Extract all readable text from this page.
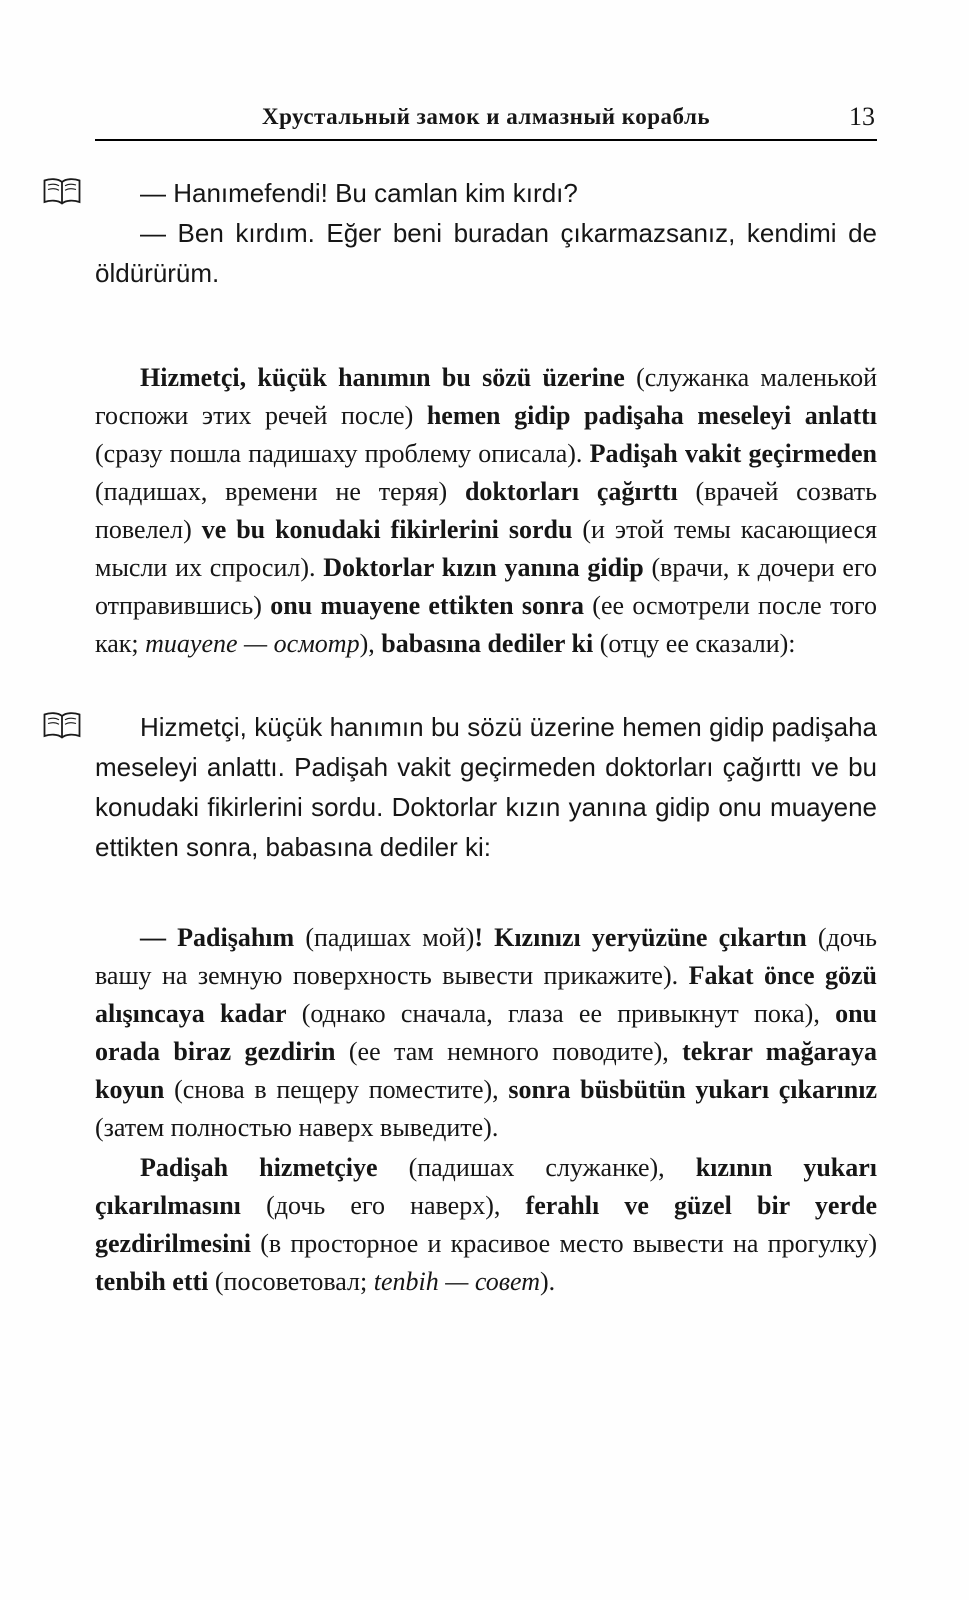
Хрустальный замок и алмазный корабль	13

— Hanımefendi! Bu camlan kim kırdı?

— Ben kırdım. Eğer beni buradan çıkarmazsanız, kendimi de öldürürüm.

Hizmetçi, küçük hanımın bu sözü üzerine (служанка маленькой госпожи этих речей после) hemen gidip padişaha meseleyi anlattı (сразу пошла падишаху проблему описала). Padişah vakit geçirmeden (падишах, времени не теряя) doktorları çağırttı (врачей созвать повелел) ve bu konudaki fikirlerini sordu (и этой темы касающиеся мысли их спросил). Doktorlar kızın yanına gidip (врачи, к дочери его отправившись) onu muayene ettikten sonra (ее осмотрели после того как; muayene — осмотр), babasına dediler ki (отцу ее сказали):

Hizmetçi, küçük hanımın bu sözü üzerine hemen gidip padişaha meseleyi anlattı. Padişah vakit geçirmeden doktorları çağırttı ve bu konudaki fikirlerini sordu. Doktorlar kızın yanına gidip onu muayene ettikten sonra, babasına dediler ki:

— Padişahım (падишах мой)! Kızınızı yeryüzüne çıkartın (дочь вашу на земную поверхность вывести прикажите). Fakat önce gözü alışıncaya kadar (однако сначала, глаза ее привыкнут пока), onu orada biraz gezdirin (ее там немного поводите), tekrar mağaraya koyun (снова в пещеру поместите), sonra büsbütün yukarı çıkarınız (затем полностью наверх выведите).

Padişah hizmetçiye (падишах служанке), kızının yukarı çıkarılmasını (дочь его наверх), ferahlı ve güzel bir yerde gezdirilmesini (в просторное и красивое место вывести на прогулку) tenbih etti (посоветовал; tenbih — совет).
